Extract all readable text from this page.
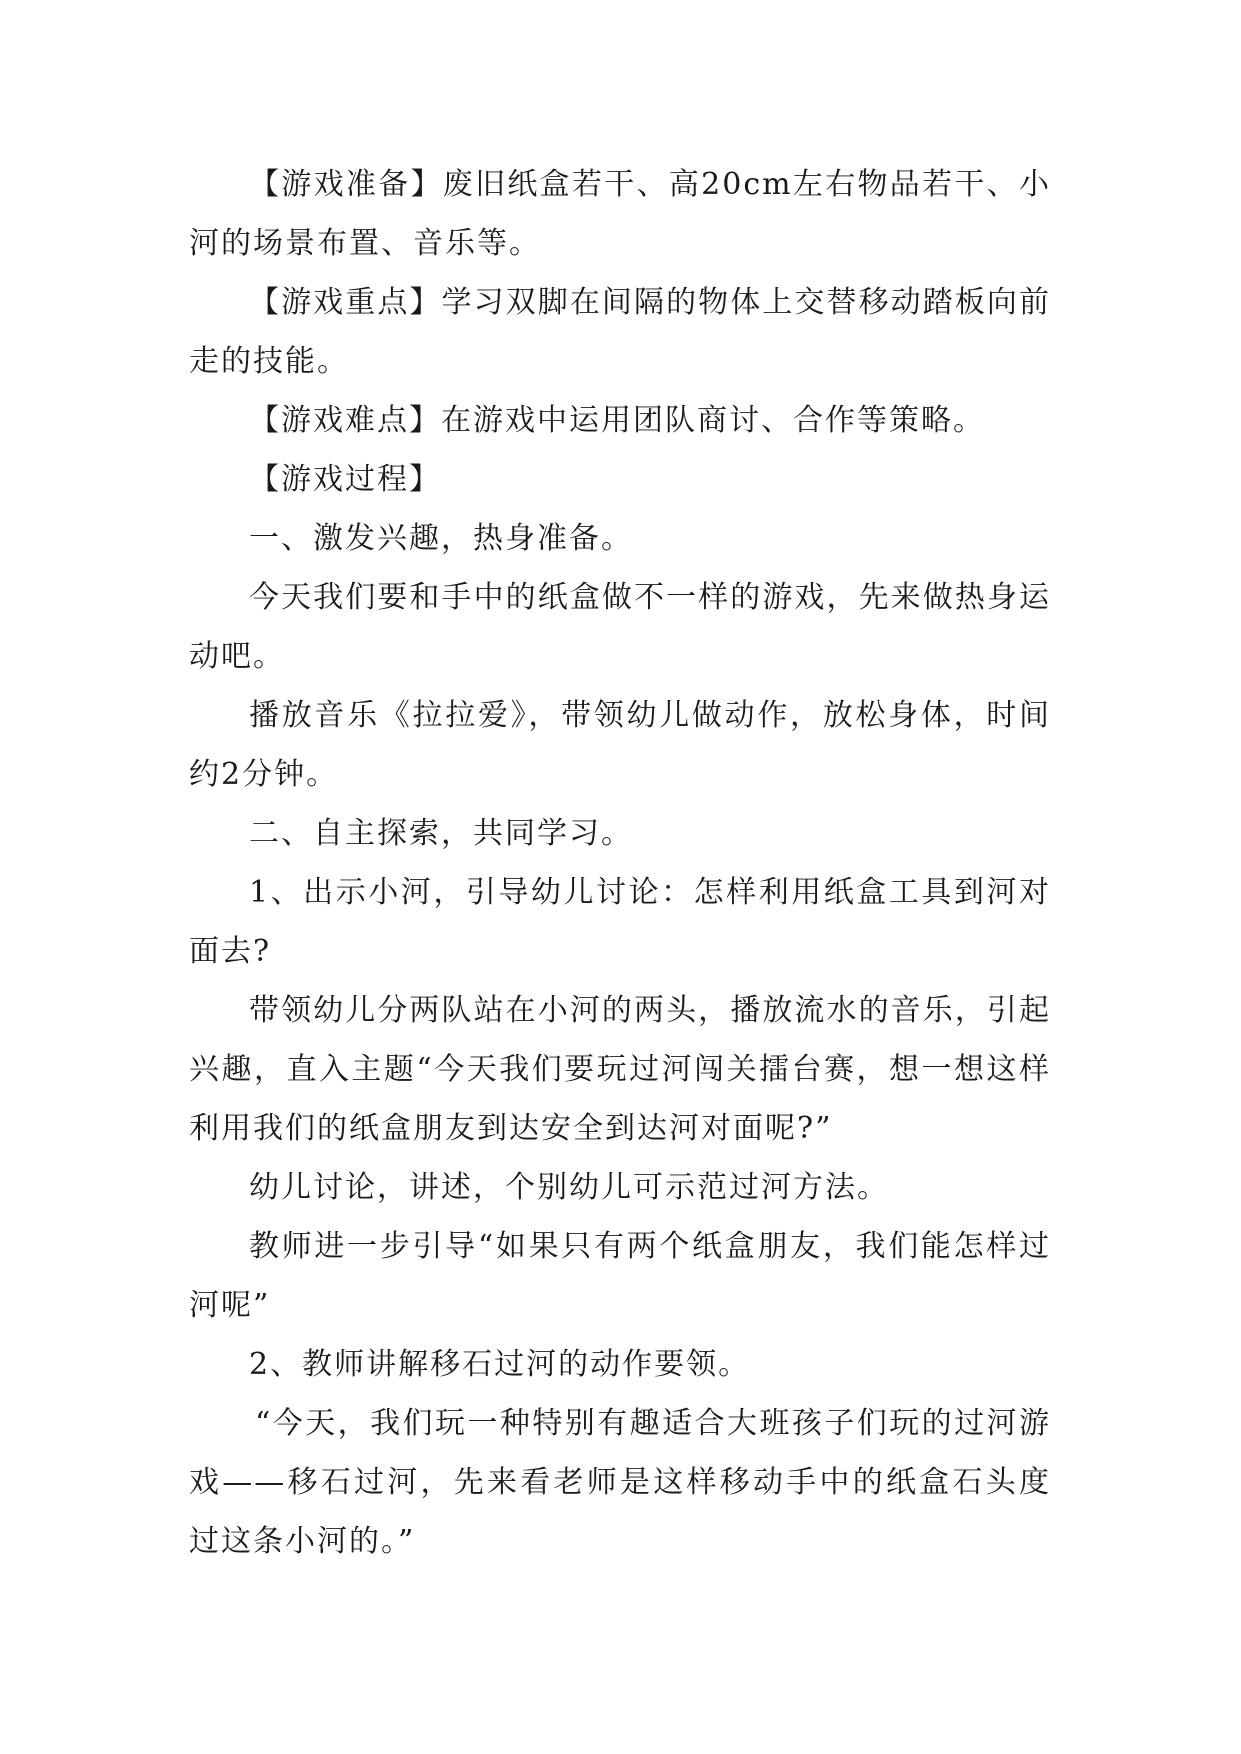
【游戏准备】废旧纸盒若干、高20cm左右物品若干、小河的场景布置、音乐等。

【游戏重点】学习双脚在间隔的物体上交替移动踏板向前走的技能。

【游戏难点】在游戏中运用团队商讨、合作等策略。

【游戏过程】

一、激发兴趣，热身准备。

今天我们要和手中的纸盒做不一样的游戏，先来做热身运动吧。

播放音乐《拉拉爱》，带领幼儿做动作，放松身体，时间约2分钟。

二、自主探索，共同学习。

1、出示小河，引导幼儿讨论：怎样利用纸盒工具到河对面去?

带领幼儿分两队站在小河的两头，播放流水的音乐，引起兴趣，直入主题“今天我们要玩过河闯关擂台赛，想一想这样利用我们的纸盒朋友到达安全到达河对面呢?”

幼儿讨论，讲述，个别幼儿可示范过河方法。

教师进一步引导“如果只有两个纸盒朋友，我们能怎样过河呢”

2、教师讲解移石过河的动作要领。

“今天，我们玩一种特别有趣适合大班孩子们玩的过河游戏——移石过河，先来看老师是这样移动手中的纸盒石头度过这条小河的。”
